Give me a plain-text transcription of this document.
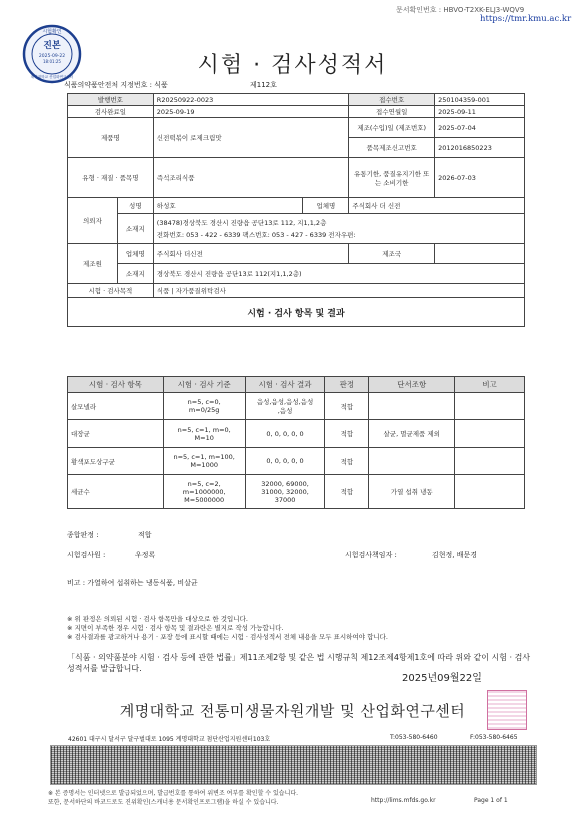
문서확인번호 : HBVO-T2XK-ELJ3-WQV9
https://tmr.kmu.ac.kr
시험확인
진본
2025-09-22
18:01:25
계명대학교 산업화연구센터	시험 · 검사성적서
식품의약품안전처 지정번호 : 식품	제112호
발행번호		R20250922-0023		접수번호	250104359-001
검사완료일		2025-09-19		접수연월일	2025-09-11
제품명		신전떡볶이 로제크림맛		제조(수입)일 (제조번호)	2025-07-04
				품목제조신고번호	2012016850223
유형 · 재질 · 품목명		즉석조리식품		유통기한, 품질유지기한 또는 소비기한	2026-07-03
의뢰자	성명	하성호	업체명	주식회사 더 신전	
	소재지	(38478)경상북도 경산시 진량읍 공단13로 112, 지1,1,2층
전화번호: 053 - 422 - 6339 팩스번호: 053 - 427 - 6339 전자우편:			

제조원	업체명	주식회사 더신전		제조국	
	소재지	경상북도 경산시 진량읍 공단13로 112(지1,1,2층)			
시험 · 검사목적		식품 | 자가품질위탁검사			
시험 · 검사 항목 및 결과					
시험 · 검사 항목	시험 · 검사 기준	시험 · 검사 결과	판정	단서조항	비고
살모넬라	n=5, c=0,
m=0/25g	음성,음성,음성,음성
,음성	적합		
대장균	n=5, c=1, m=0,
M=10	0, 0, 0, 0, 0	적합	살균, 멸균제품 제외	
황색포도상구균	n=5, c=1, m=100,
M=1000	0, 0, 0, 0, 0	적합		
세균수	n=5, c=2,
m=1000000,
M=5000000	32000, 69000,
31000, 32000,
37000	적합	가열 섭취 냉동	
종합판정 :	적합
시험검사원 :	우정록	시험검사책임자 :	김현정, 배문경
비고 : 가열하여 섭취하는 냉동식품, 비살균
※ 위 판정은 의뢰된 시험 · 검사 항목만을 대상으로 한 것입니다.
※ 지면이 부족한 경우 시험 · 검사 항목 및 결과란은 별지로 작성 가능합니다.
※ 검사결과를 광고하거나 용기 · 포장 등에 표시할 때에는 시험 · 검사성적서 전체 내용을 모두 표시하여야 합니다.
「식품 · 의약품분야 시험 · 검사 등에 관한 법률」제11조제2항 및 같은 법 시행규칙 제12조제4항제1호에 따라 위와 같이 시험 · 검사성적서를 발급합니다.
2025년09월22일
계명대학교 전통미생물자원개발 및 산업화연구센터
42601 대구시 달서구 달구벌대로 1095 계명대학교 첨단산업지원센터103호	T:053-580-6460	F:053-580-6465
※ 본 증명서는 인터넷으로 발급되었으며, 발급번호를 통하여 위변조 여부를 확인할 수 있습니다.
또한, 문서하단의 바코드로도 진위확인(스캐너용 문서확인프로그램)을 하실 수 있습니다.	http://lims.mfds.go.kr	Page 1 of 1
